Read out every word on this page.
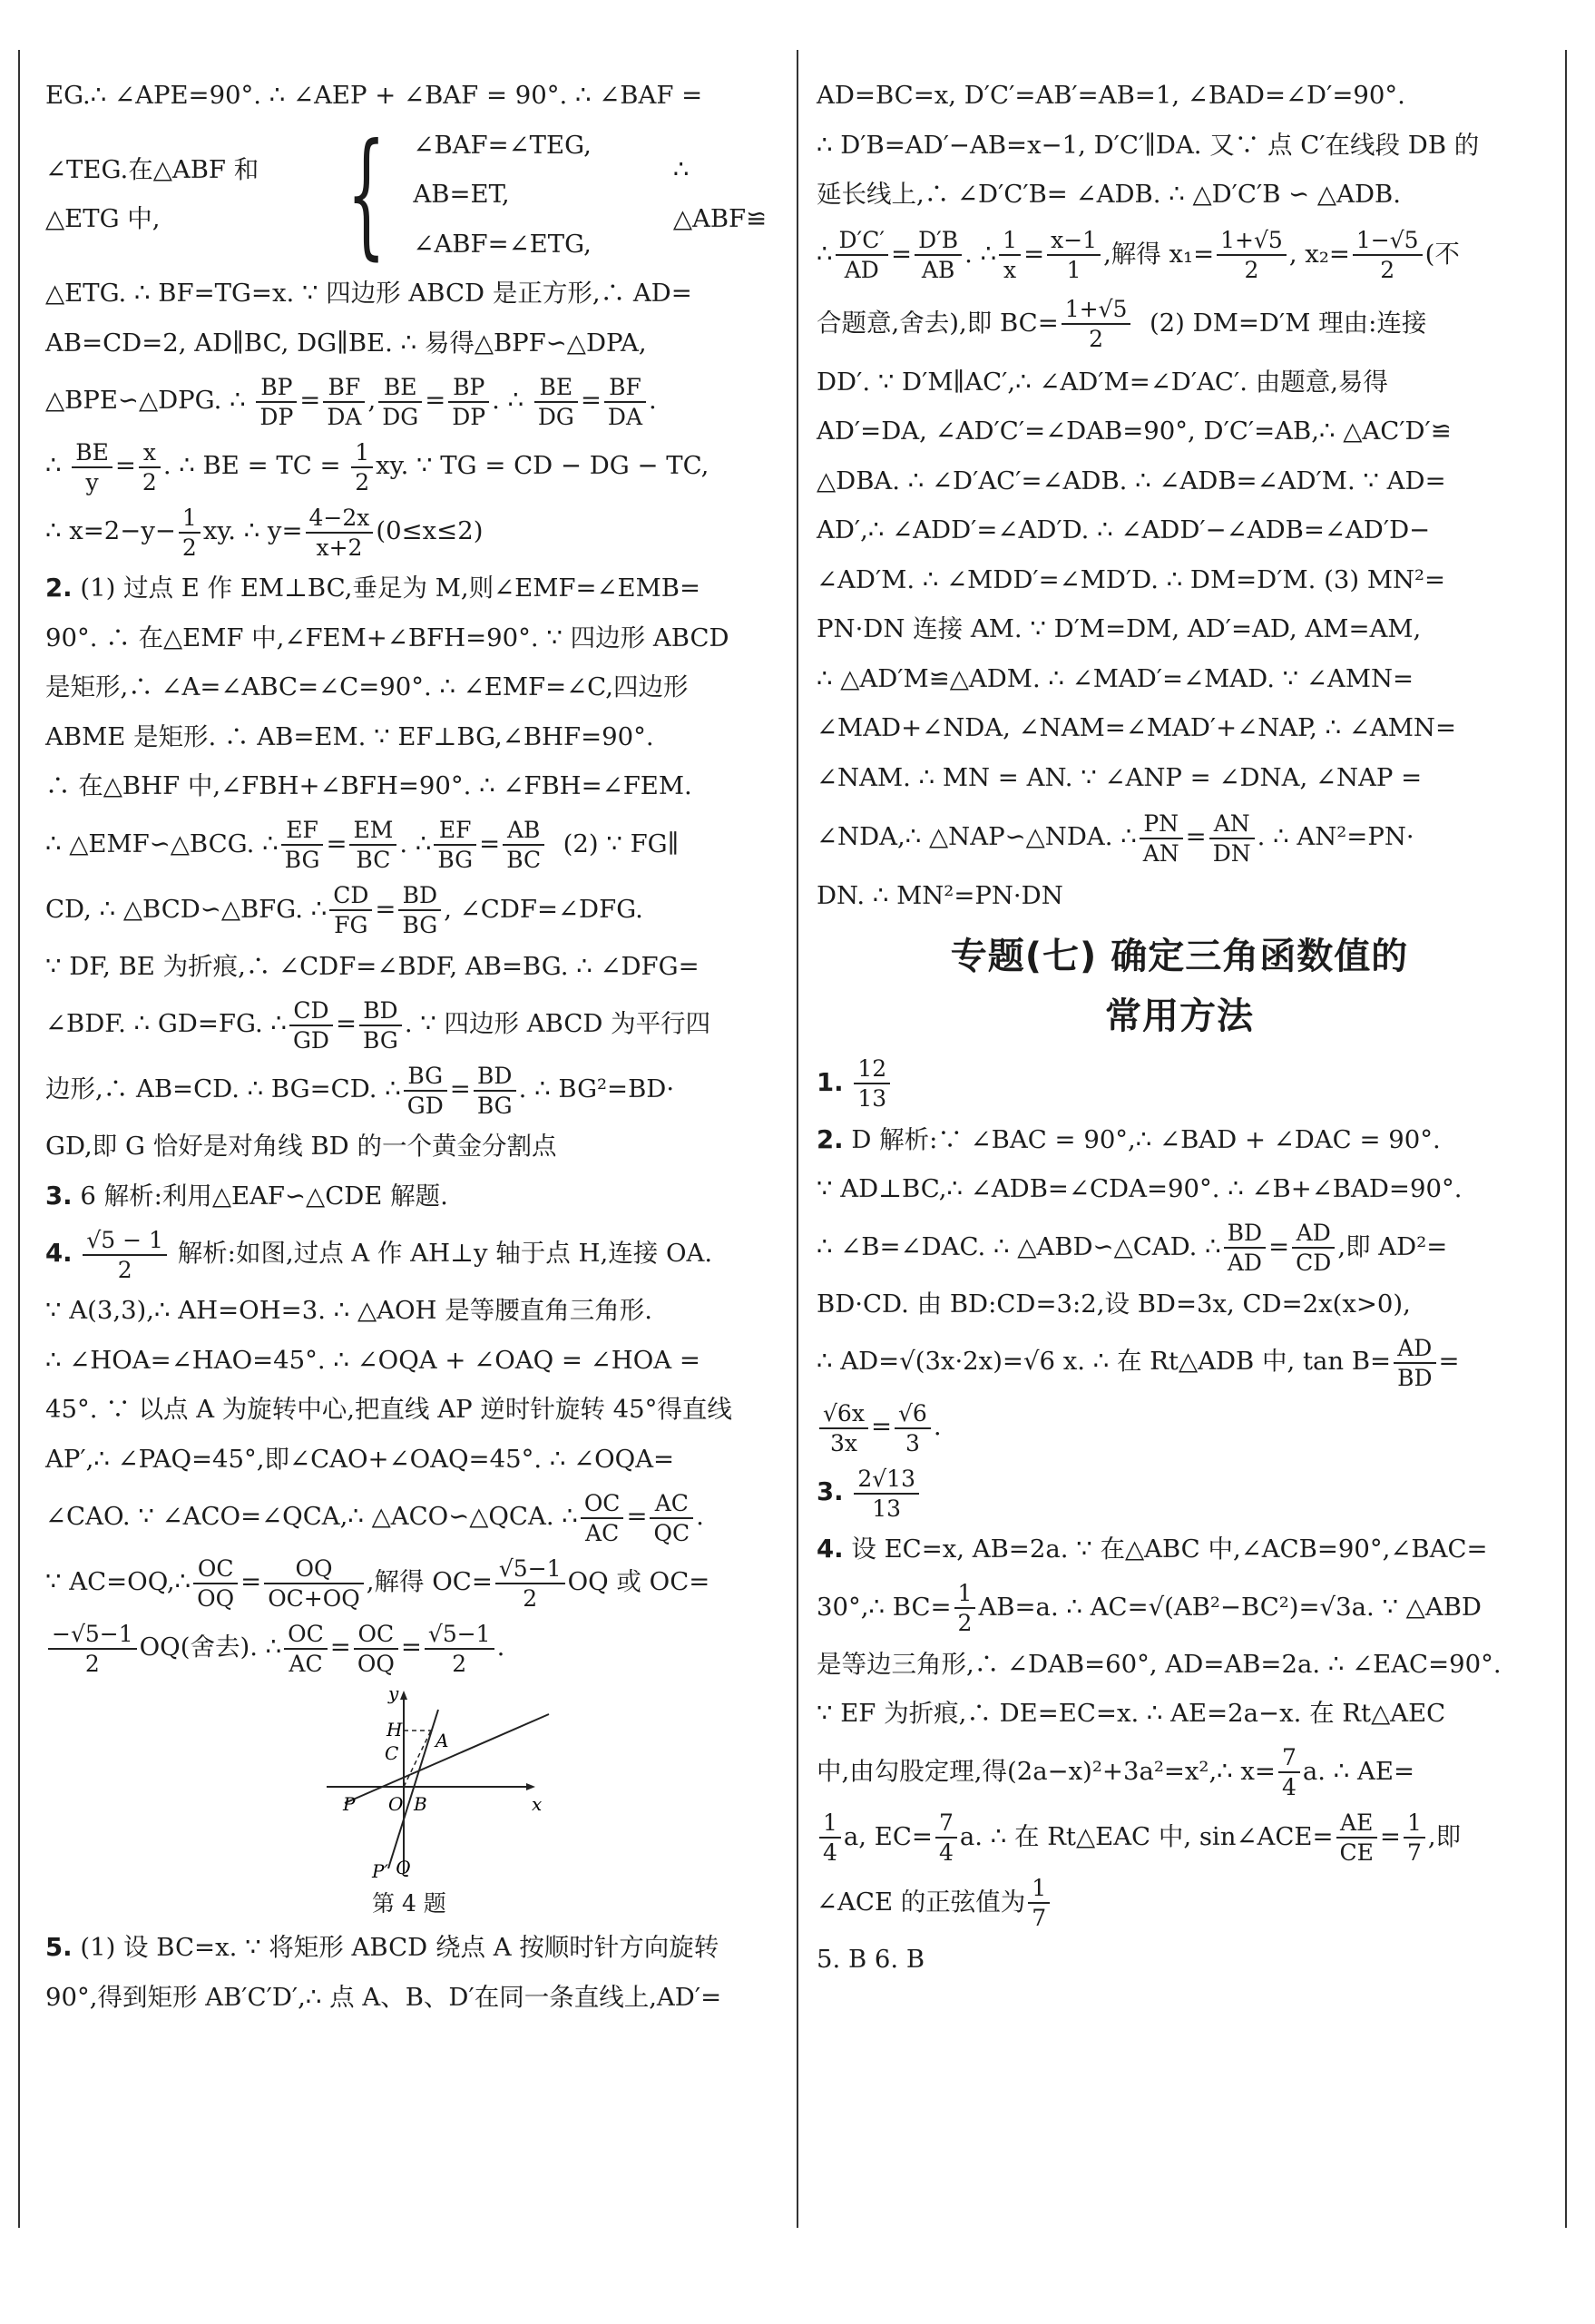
EG.∴ ∠APE=90°. ∴ ∠AEP + ∠BAF = 90°. ∴ ∠BAF =

∠TEG.在△ABF 和△ETG 中,	{ ∠BAF=∠TEG,
AB=ET,
∠ABF=∠ETG,
∴ △ABF≌

△ETG. ∴ BF=TG=x. ∵ 四边形 ABCD 是正方形,∴ AD=

AB=CD=2, AD∥BC, DG∥BE. ∴ 易得△BPF∽△DPA,

△BPE∽△DPG. ∴ $\frac{BP}{DP} = \frac{BF}{DA}$ , $\frac{BE}{DG} = \frac{BP}{DP}$ . ∴ $\frac{BE}{DG} = \frac{BF}{DA}$ .

∴ $\frac{BE}{y} = \frac{x}{2}$ . ∴ BE = TC = $\frac{1}{2}$ xy. ∵ TG = CD − DG − TC,

∴ $x=2-y- \frac{1}{2}$ xy. ∴ $y= \frac{4-2x}{x+2} (0\le x\le 2)$

2. (1) 过点 E 作 EM⊥BC,垂足为 M,则∠EMF=∠EMB=

90°. ∴ 在△EMF 中,∠FEM+∠BFH=90°. ∵ 四边形 ABCD

是矩形,∴ ∠A=∠ABC=∠C=90°. ∴ ∠EMF=∠C,四边形

ABME 是矩形. ∴ AB=EM. ∵ EF⊥BG,∠BHF=90°.

∴ 在△BHF 中,∠FBH+∠BFH=90°. ∴ ∠FBH=∠FEM.

∴ △EMF∽△BCG. ∴ $\frac{EF}{BG} = \frac{EM}{BC}$ . ∴ $\frac{EF}{BG} = \frac{AB}{BC} (2)$ ∵ FG∥

CD, ∴ △BCD∽△BFG. ∴ $\frac{CD}{FG} = \frac{BD}{BG}$ , ∠CDF=∠DFG.

∵ DF, BE 为折痕,∴ ∠CDF=∠BDF, AB=BG. ∴ ∠DFG=

∠BDF. ∴ GD=FG. ∴ $\frac{CD}{GD} = \frac{BD}{BG}$ . ∵ 四边形 ABCD 为平行四

边形,∴ AB=CD. ∴ BG=CD. ∴ $\frac{BG}{GD} = \frac{BD}{BG}$ . ∴ BG²=BD·

GD,即 G 恰好是对角线 BD 的一个黄金分割点

3. 6 解析:利用△EAF∽△CDE 解题.

4. $\frac{√5 - 1}{2}$ 解析:如图,过点 A 作 AH⊥y 轴于点 H,连接 OA.

∵ A(3,3),∴ AH=OH=3. ∴ △AOH 是等腰直角三角形.

∴ ∠HOA=∠HAO=45°. ∴ ∠OQA + ∠OAQ = ∠HOA =

45°. ∵ 以点 A 为旋转中心,把直线 AP 逆时针旋转 45°得直线

AP′,∴ ∠PAQ=45°,即∠CAO+∠OAQ=45°. ∴ ∠OQA=

∠CAO. ∵ ∠ACO=∠QCA,∴ △ACO∽△QCA. ∴ $\frac{OC}{AC} = \frac{AC}{QC}$ .

∵ AC=OQ,∴ $\frac{OC}{OQ} = \frac{OQ}{OC+OQ}$ ,解得 $OC= \frac{√5-1}{2}$ OQ 或 OC=

$\frac{-√5-1}{2} OQ$(舍去). ∴ $\frac{OC}{AC} = \frac{OC}{OQ} = \frac{√5-1}{2}$ .

y
H
C
A
P O B	x
P′ Q
第 4 题

5. (1) 设 BC=x. ∵ 将矩形 ABCD 绕点 A 按顺时针方向旋转

90°,得到矩形 AB′C′D′,∴ 点 A、B、D′在同一条直线上,AD′=

AD=BC=x, D′C′=AB′=AB=1, ∠BAD=∠D′=90°.

∴ D′B=AD′−AB=x−1, D′C′∥DA. 又∵ 点 C′在线段 DB 的

延长线上,∴ ∠D′C′B= ∠ADB. ∴ △D′C′B ∽ △ADB.

∴ $\frac{D'C'}{AD} = \frac{D'B}{AB}$ . ∴ $\frac{1}{x} = \frac{x-1}{1}$ ,解得 $x_1= \frac{1+√5}{2}$ , $x_2= \frac{1-√5}{2}$ (不

合题意,舍去),即 $BC= \frac{1+√5}{2} (2)$ DM=D′M 理由:连接

DD′. ∵ D′M∥AC′,∴ ∠AD′M=∠D′AC′. 由题意,易得

AD′=DA, ∠AD′C′=∠DAB=90°, D′C′=AB,∴ △AC′D′≌

△DBA. ∴ ∠D′AC′=∠ADB. ∴ ∠ADB=∠AD′M. ∵ AD=

AD′,∴ ∠ADD′=∠AD′D. ∴ ∠ADD′−∠ADB=∠AD′D−

∠AD′M. ∴ ∠MDD′=∠MD′D. ∴ DM=D′M. (3) MN²=

PN·DN 连接 AM. ∵ D′M=DM, AD′=AD, AM=AM,

∴ △AD′M≌△ADM. ∴ ∠MAD′=∠MAD. ∵ ∠AMN=

∠MAD+∠NDA, ∠NAM=∠MAD′+∠NAP, ∴ ∠AMN=

∠NAM. ∴ MN = AN. ∵ ∠ANP = ∠DNA, ∠NAP =

∠NDA,∴ △NAP∽△NDA. ∴ $\frac{PN}{AN} = \frac{AN}{DN}$ . ∴ AN²=PN·

DN. ∴ MN²=PN·DN

专题(七) 确定三角函数值的
常用方法

1. $\frac{12}{13}$

2. D 解析:∵ ∠BAC = 90°,∴ ∠BAD + ∠DAC = 90°.

∵ AD⊥BC,∴ ∠ADB=∠CDA=90°. ∴ ∠B+∠BAD=90°.

∴ ∠B=∠DAC. ∴ △ABD∽△CAD. ∴ $\frac{BD}{AD} = \frac{AD}{CD}$ ,即 AD²=

BD·CD. 由 BD:CD=3:2,设 BD=3x, CD=2x(x>0),

∴ AD=√(3x·2x)=√6 x. ∴ 在 Rt△ADB 中, $\tan B= \frac{AD}{BD}$ =

$\frac{√6x}{3x} = \frac{√6}{3}$ .

3. $\frac{2√13}{13}$

4. 设 EC=x, AB=2a. ∵ 在△ABC 中,∠ACB=90°,∠BAC=

30°,∴ $BC= \frac{1}{2} AB=a$. ∴ AC=√(AB²−BC²)=√3a. ∵ △ABD

是等边三角形,∴ ∠DAB=60°, AD=AB=2a. ∴ ∠EAC=90°.

∵ EF 为折痕,∴ DE=EC=x. ∴ AE=2a−x. 在 Rt△AEC

中,由勾股定理,得(2a−x)²+3a²=x²,∴ $x= \frac{7}{4} a$. ∴ AE=

$\frac{1}{4} a$, $EC= \frac{7}{4} a$. ∴ 在 Rt△EAC 中, sin∠ACE= $\frac{AE}{CE} = \frac{1}{7}$ ,即

∠ACE 的正弦值为 $\frac{1}{7}$

5. B 6. B
